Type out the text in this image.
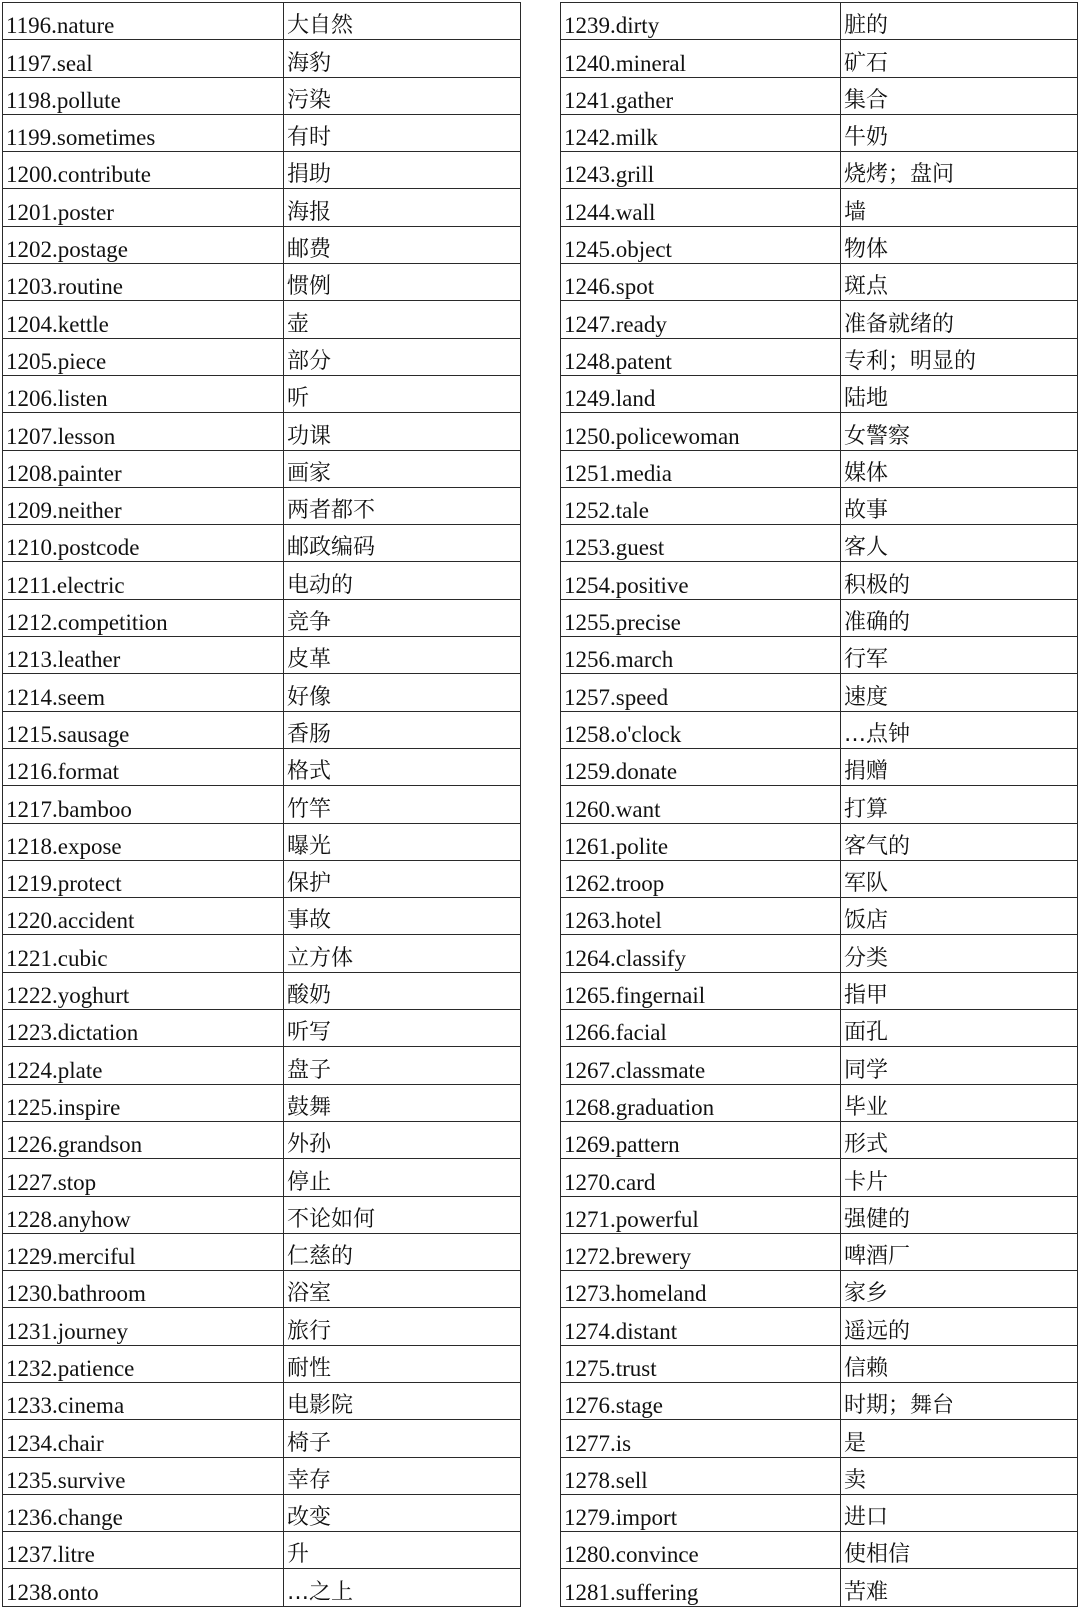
1196.nature	大自然
1197.seal	海豹
1198.pollute	污染
1199.sometimes	有时
1200.contribute	捐助
1201.poster	海报
1202.postage	邮费
1203.routine	惯例
1204.kettle	壶
1205.piece	部分
1206.listen	听
1207.lesson	功课
1208.painter	画家
1209.neither	两者都不
1210.postcode	邮政编码
1211.electric	电动的
1212.competition	竞争
1213.leather	皮革
1214.seem	好像
1215.sausage	香肠
1216.format	格式
1217.bamboo	竹竿
1218.expose	曝光
1219.protect	保护
1220.accident	事故
1221.cubic	立方体
1222.yoghurt	酸奶
1223.dictation	听写
1224.plate	盘子
1225.inspire	鼓舞
1226.grandson	外孙
1227.stop	停止
1228.anyhow	不论如何
1229.merciful	仁慈的
1230.bathroom	浴室
1231.journey	旅行
1232.patience	耐性
1233.cinema	电影院
1234.chair	椅子
1235.survive	幸存
1236.change	改变
1237.litre	升
1238.onto	…之上
1239.dirty	脏的
1240.mineral	矿石
1241.gather	集合
1242.milk	牛奶
1243.grill	烧烤；盘问
1244.wall	墙
1245.object	物体
1246.spot	斑点
1247.ready	准备就绪的
1248.patent	专利；明显的
1249.land	陆地
1250.policewoman	女警察
1251.media	媒体
1252.tale	故事
1253.guest	客人
1254.positive	积极的
1255.precise	准确的
1256.march	行军
1257.speed	速度
1258.o'clock	…点钟
1259.donate	捐赠
1260.want	打算
1261.polite	客气的
1262.troop	军队
1263.hotel	饭店
1264.classify	分类
1265.fingernail	指甲
1266.facial	面孔
1267.classmate	同学
1268.graduation	毕业
1269.pattern	形式
1270.card	卡片
1271.powerful	强健的
1272.brewery	啤酒厂
1273.homeland	家乡
1274.distant	遥远的
1275.trust	信赖
1276.stage	时期；舞台
1277.is	是
1278.sell	卖
1279.import	进口
1280.convince	使相信
1281.suffering	苦难
